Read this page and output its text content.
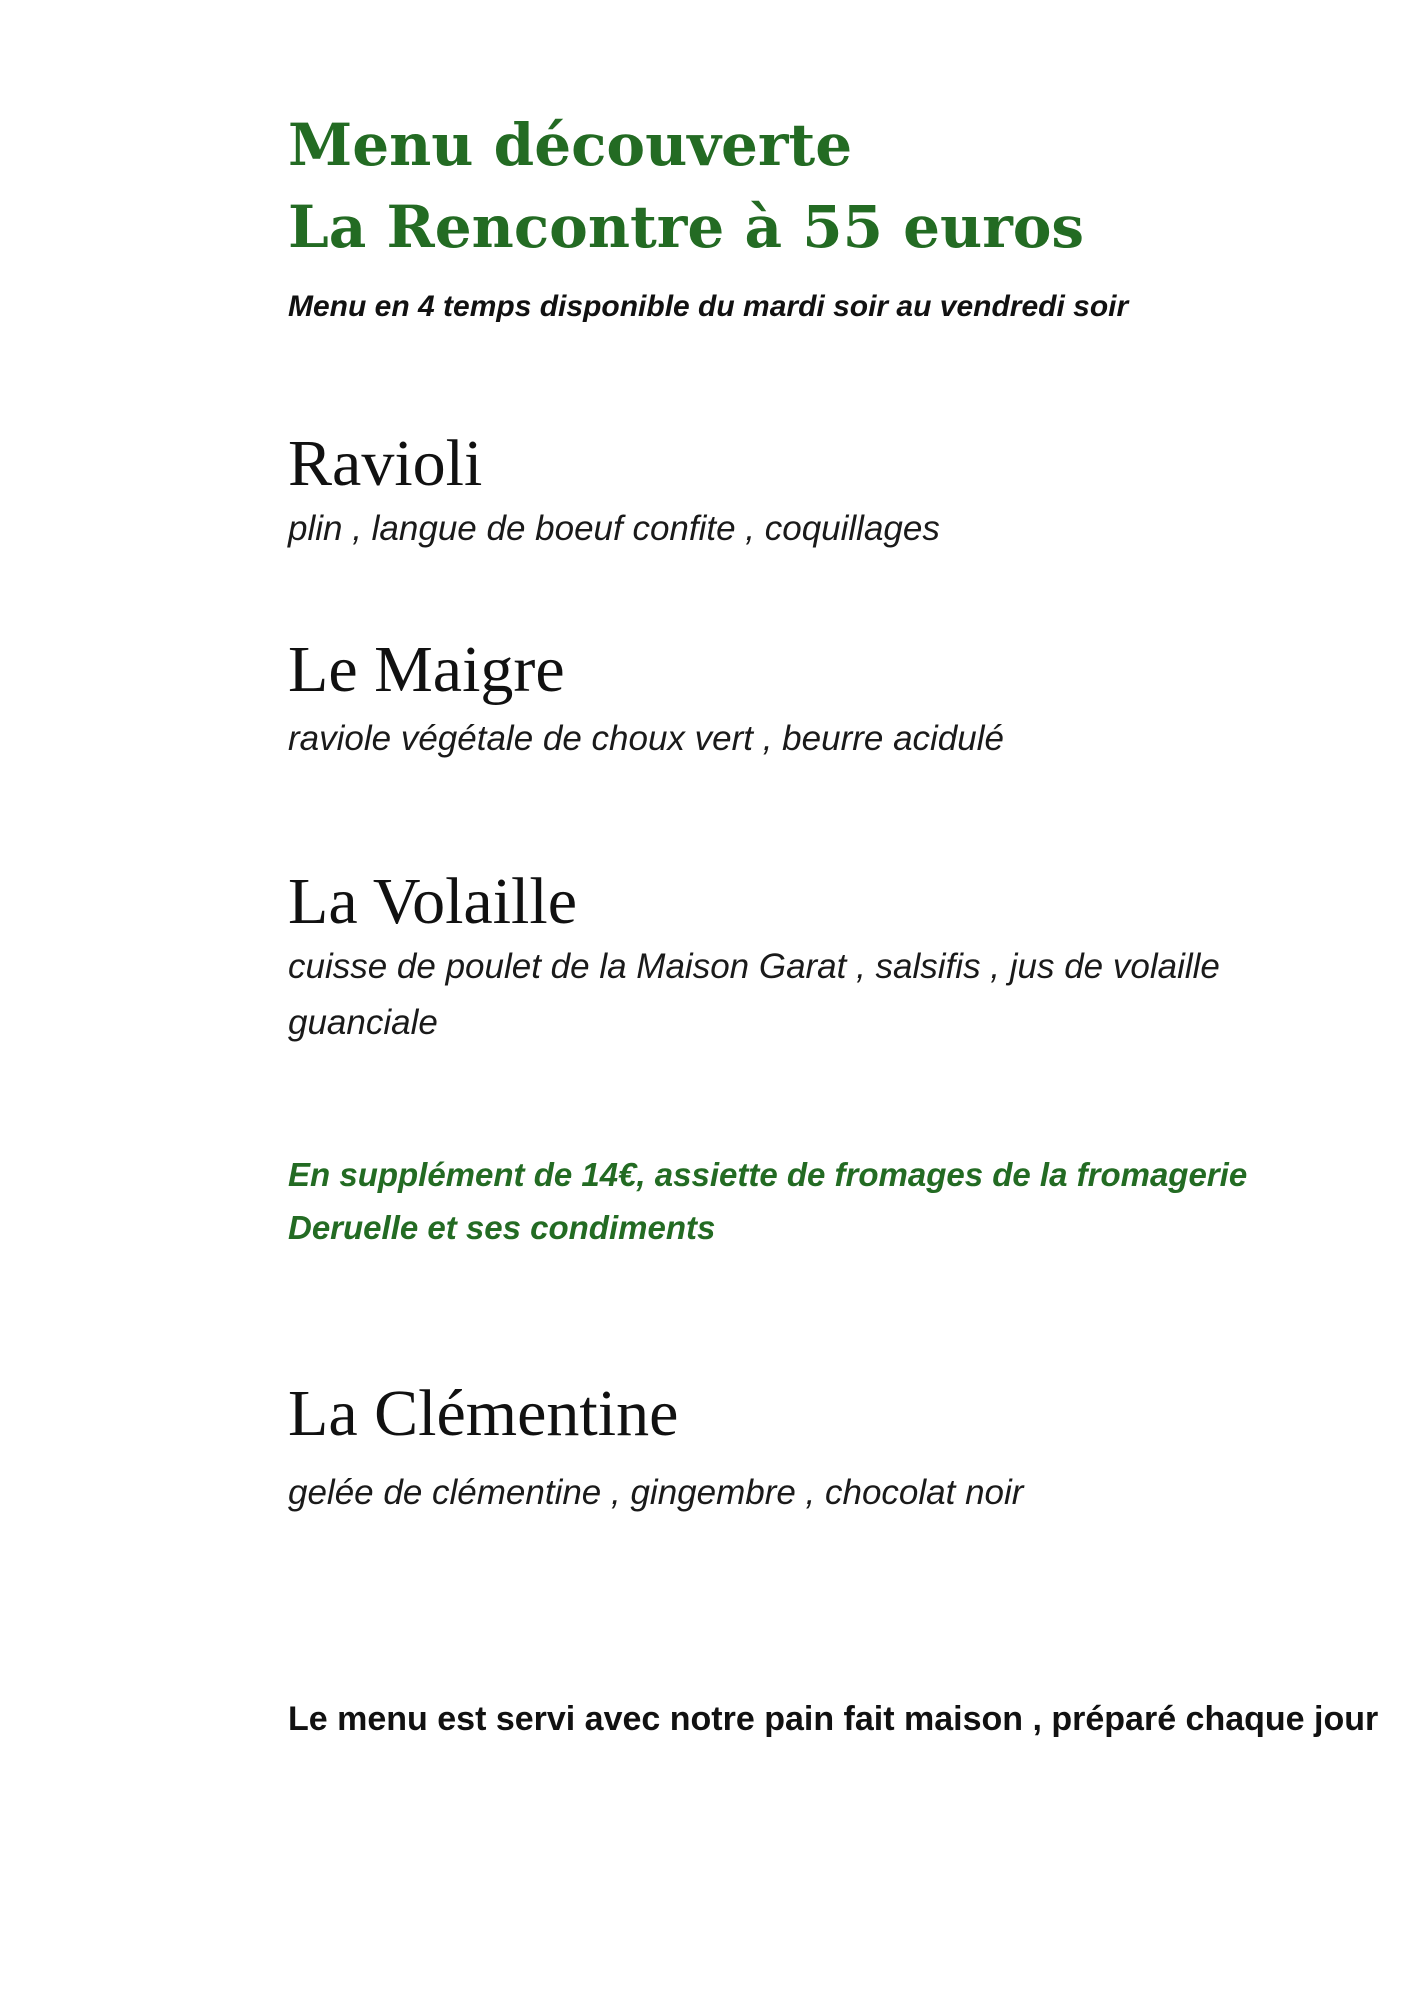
Menu découverte
La Rencontre à 55 euros

Menu en 4 temps disponible du mardi soir au vendredi soir

Ravioli

plin , langue de boeuf confite , coquillages

Le Maigre

raviole végétale de choux vert , beurre acidulé

La Volaille

cuisse de poulet de la Maison Garat , salsifis , jus de volaille guanciale

En supplément de 14€, assiette de fromages de la fromagerie Deruelle et ses condiments

La Clémentine

gelée de clémentine , gingembre , chocolat noir

Le menu est servi avec notre pain fait maison , préparé chaque jour
